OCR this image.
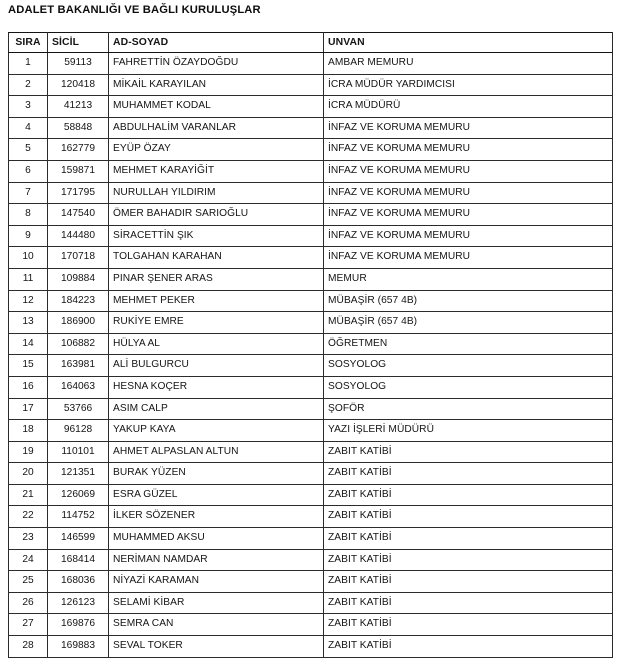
ADALET BAKANLIĞI VE BAĞLI KURULUŞLAR
SIRA	SİCİL	AD-SOYAD	UNVAN
1	59113	FAHRETTİN ÖZAYDOĞDU	AMBAR MEMURU
2	120418	MİKAİL KARAYILAN	İCRA MÜDÜR YARDIMCISI
3	41213	MUHAMMET KODAL	İCRA MÜDÜRÜ
4	58848	ABDULHALİM VARANLAR	İNFAZ VE KORUMA MEMURU
5	162779	EYÜP ÖZAY	İNFAZ VE KORUMA MEMURU
6	159871	MEHMET KARAYİĞİT	İNFAZ VE KORUMA MEMURU
7	171795	NURULLAH YILDIRIM	İNFAZ VE KORUMA MEMURU
8	147540	ÖMER BAHADIR SARIOĞLU	İNFAZ VE KORUMA MEMURU
9	144480	SİRACETTİN ŞIK	İNFAZ VE KORUMA MEMURU
10	170718	TOLGAHAN KARAHAN	İNFAZ VE KORUMA MEMURU
11	109884	PINAR ŞENER ARAS	MEMUR
12	184223	MEHMET PEKER	MÜBAŞİR (657 4B)
13	186900	RUKİYE EMRE	MÜBAŞİR (657 4B)
14	106882	HÜLYA AL	ÖĞRETMEN
15	163981	ALİ BULGURCU	SOSYOLOG
16	164063	HESNA KOÇER	SOSYOLOG
17	53766	ASIM CALP	ŞOFÖR
18	96128	YAKUP KAYA	YAZI İŞLERİ MÜDÜRÜ
19	110101	AHMET ALPASLAN ALTUN	ZABIT KATİBİ
20	121351	BURAK YÜZEN	ZABIT KATİBİ
21	126069	ESRA GÜZEL	ZABIT KATİBİ
22	114752	İLKER SÖZENER	ZABIT KATİBİ
23	146599	MUHAMMED AKSU	ZABIT KATİBİ
24	168414	NERİMAN NAMDAR	ZABIT KATİBİ
25	168036	NİYAZİ KARAMAN	ZABIT KATİBİ
26	126123	SELAMİ KİBAR	ZABIT KATİBİ
27	169876	SEMRA CAN	ZABIT KATİBİ
28	169883	SEVAL TOKER	ZABIT KATİBİ
